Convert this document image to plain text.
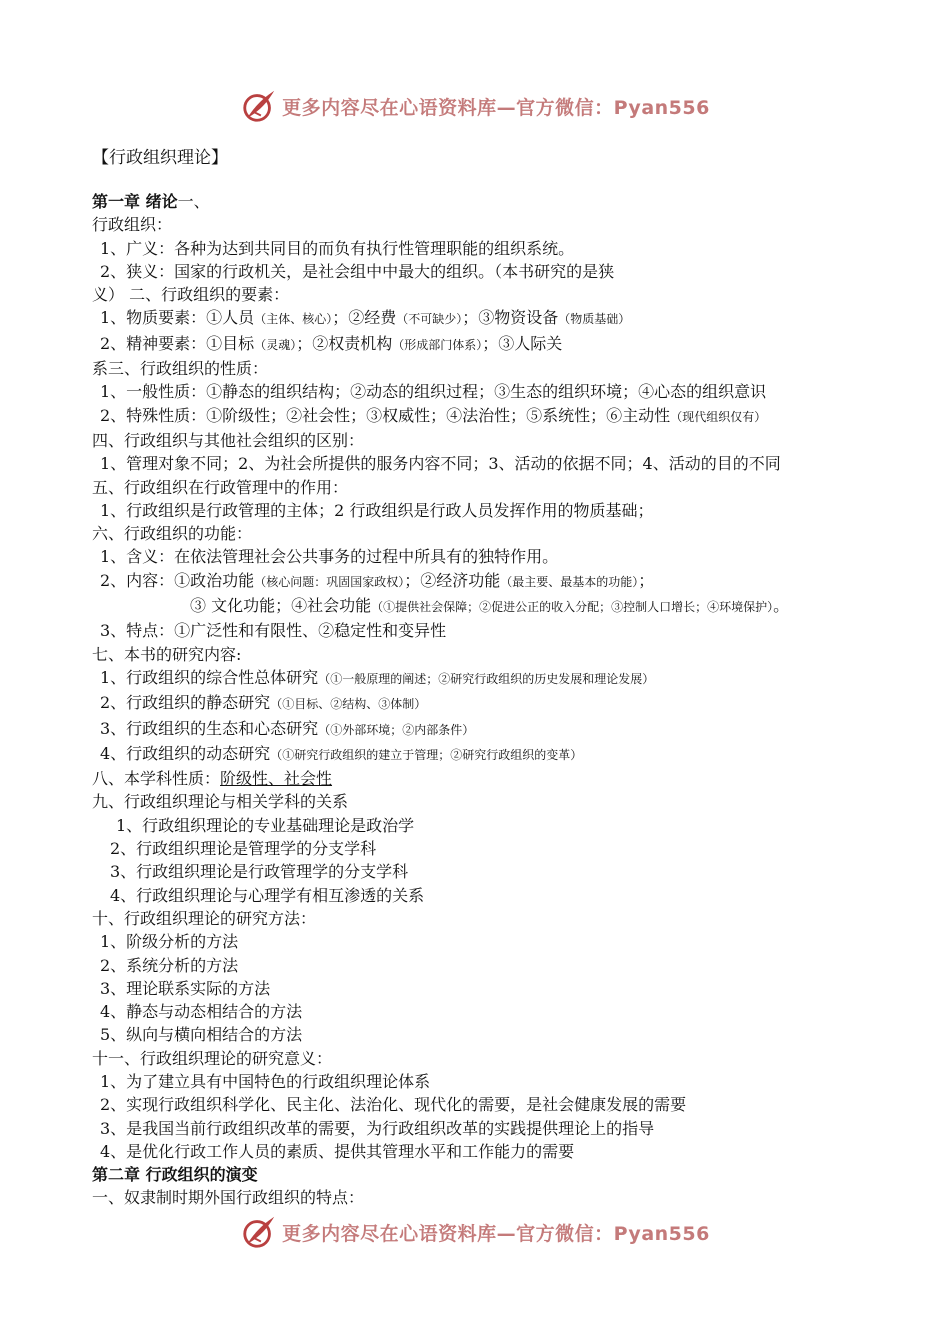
更多内容尽在心语资料库—官方微信：Pyan556
【行政组织理论】
第一章 绪论一、
行政组织：
1、广义：各种为达到共同目的而负有执行性管理职能的组织系统。
2、狭义：国家的行政机关，是社会组中中最大的组织。（本书研究的是狭
义） 二、行政组织的要素：
1、物质要素：①人员（主体、核心）；②经费（不可缺少）；③物资设备（物质基础）
2、精神要素：①目标（灵魂）；②权责机构（形成部门体系）；③人际关
系三、行政组织的性质：
1、一般性质：①静态的组织结构；②动态的组织过程；③生态的组织环境；④心态的组织意识
2、特殊性质：①阶级性；②社会性；③权威性；④法治性；⑤系统性；⑥主动性（现代组织仅有）
四、行政组织与其他社会组织的区别：
1、管理对象不同；2、为社会所提供的服务内容不同；3、活动的依据不同；4、活动的目的不同
五、行政组织在行政管理中的作用：
1、行政组织是行政管理的主体；2 行政组织是行政人员发挥作用的物质基础；
六、行政组织的功能：
1、含义：在依法管理社会公共事务的过程中所具有的独特作用。
2、内容：①政治功能（核心问题：巩固国家政权）；②经济功能（最主要、最基本的功能）；
③ 文化功能；④社会功能（①提供社会保障；②促进公正的收入分配；③控制人口增长；④环境保护）。
3、特点：①广泛性和有限性、②稳定性和变异性
七、本书的研究内容:
1、行政组织的综合性总体研究（①一般原理的阐述；②研究行政组织的历史发展和理论发展）
2、行政组织的静态研究（①目标、②结构、③体制）
3、行政组织的生态和心态研究（①外部环境；②内部条件）
4、行政组织的动态研究（①研究行政组织的建立于管理；②研究行政组织的变革）
八、本学科性质：阶级性、社会性
九、行政组织理论与相关学科的关系
1、行政组织理论的专业基础理论是政治学
2、行政组织理论是管理学的分支学科
3、行政组织理论是行政管理学的分支学科
4、行政组织理论与心理学有相互渗透的关系
十、行政组织理论的研究方法：
1、阶级分析的方法
2、系统分析的方法
3、理论联系实际的方法
4、静态与动态相结合的方法
5、纵向与横向相结合的方法
十一、行政组织理论的研究意义：
1、为了建立具有中国特色的行政组织理论体系
2、实现行政组织科学化、民主化、法治化、现代化的需要，是社会健康发展的需要
3、是我国当前行政组织改革的需要，为行政组织改革的实践提供理论上的指导
4、是优化行政工作人员的素质、提供其管理水平和工作能力的需要
第二章 行政组织的演变
一、奴隶制时期外国行政组织的特点：
更多内容尽在心语资料库—官方微信：Pyan556
